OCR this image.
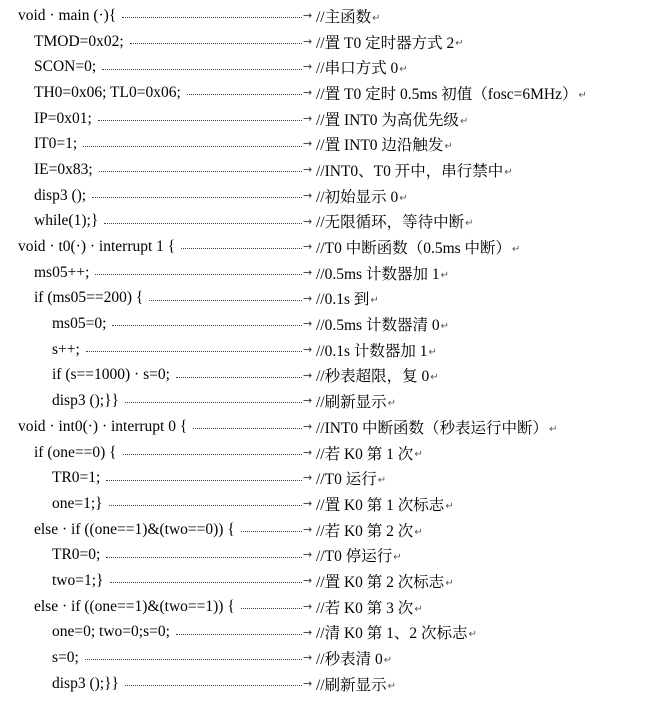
void · main (·){	→ //主函数↵
TMOD=0x02;	→ //置 T0 定时器方式 2↵
SCON=0;	→ //串口方式 0↵
TH0=0x06; TL0=0x06;	→ //置 T0 定时 0.5ms 初值（fosc=6MHz）↵
IP=0x01;	→ //置 INT0 为高优先级↵
IT0=1;	→ //置 INT0 边沿触发↵
IE=0x83;	→ //INT0、T0 开中，串行禁中↵
disp3 ();	→ //初始显示 0↵
while(1);}	→ //无限循环，等待中断↵
void · t0(·) · interrupt 1 {	→ //T0 中断函数（0.5ms 中断）↵
ms05++;	→ //0.5ms 计数器加 1↵
if (ms05==200) {	→ //0.1s 到↵
ms05=0;	→ //0.5ms 计数器清 0↵
s++;	→ //0.1s 计数器加 1↵
if (s==1000) · s=0;	→ //秒表超限，复 0↵
disp3 ();}}	→ //刷新显示↵
void · int0(·) · interrupt 0 {	→ //INT0 中断函数（秒表运行中断）↵
if (one==0) {	→ //若 K0 第 1 次↵
TR0=1;	→ //T0 运行↵
one=1;}	→ //置 K0 第 1 次标志↵
else · if ((one==1)&(two==0)) {	→ //若 K0 第 2 次↵
TR0=0;	→ //T0 停运行↵
two=1;}	→ //置 K0 第 2 次标志↵
else · if ((one==1)&(two==1)) {	→ //若 K0 第 3 次↵
one=0; two=0;s=0;	→ //清 K0 第 1、2 次标志↵
s=0;	→ //秒表清 0↵
disp3 ();}}	→ //刷新显示↵
